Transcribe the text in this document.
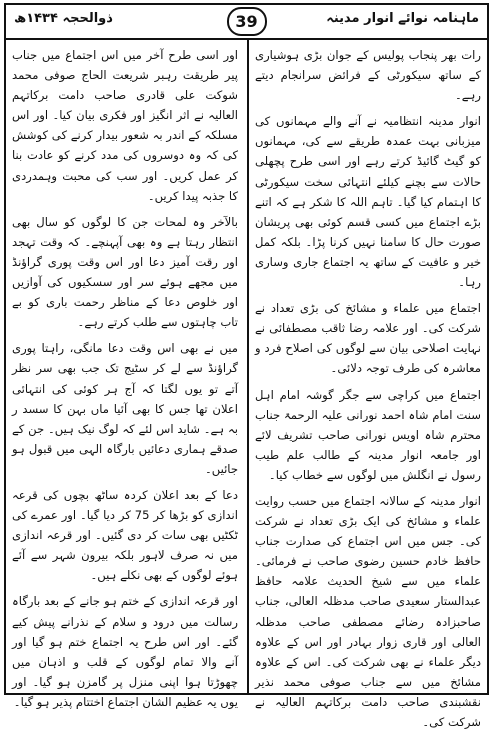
ماہنامہ نوائے انوار مدینہ
39
ذوالحجہ ۱۴۳۴ھ

رات بھر پنجاب پولیس کے جوان بڑی ہوشیاری کے ساتھ سیکورٹی کے فرائض سرانجام دیتے رہے۔

انوار مدینہ انتظامیہ نے آنے والے مہمانوں کی میزبانی بہت عمدہ طریقے سے کی، مہمانوں کو گیٹ گائیڈ کرتے رہے اور اسی طرح پچھلی حالات سے بچنے کیلئے انتہائی سخت سیکورٹی کا اہتمام کیا گیا۔ تاہم اللہ کا شکر ہے کہ اتنے بڑے اجتماع میں کسی قسم کوئی بھی پریشان صورت حال کا سامنا نہیں کرنا پڑا۔ بلکہ کمل خیر و عافیت کے ساتھ یہ اجتماع جاری وساری رہا۔

اجتماع میں علماء و مشائخ کی بڑی تعداد نے شرکت کی۔ اور علامہ رضا ثاقب مصطفائی نے نہایت اصلاحی بیان سے لوگوں کی اصلاح فرد و معاشرہ کی طرف توجہ دلائی۔

اجتماع میں کراچی سے جگر گوشہ امام اہل سنت امام شاہ احمد نورانی علیہ الرحمۃ جناب محترم شاہ اویس نورانی صاحب تشریف لائے اور جامعہ انوار مدینہ کے طالب علم طیب رسول نے انگلش میں لوگوں سے خطاب کیا۔

انوار مدینہ کے سالانہ اجتماع میں حسب روایت علماء و مشائخ کی ایک بڑی تعداد نے شرکت کی۔ جس میں اس اجتماع کی صدارت جناب حافظ خادم حسین رضوی صاحب نے فرمائی۔ علماء میں سے شیخ الحدیث علامہ حافظ عبدالستار سعیدی صاحب مدظلہ العالی، جناب صاحبزادہ رضائے مصطفی صاحب مدظلہ العالی اور قاری زوار بہادر اور اس کے علاوہ دیگر علماء نے بھی شرکت کی۔ اس کے علاوہ مشائخ میں سے جناب صوفی محمد نذیر نقشبندی صاحب دامت برکاتہم العالیہ نے شرکت کی۔

اور اسی طرح آخر میں اس اجتماع میں جناب پیر طریقت رہبر شریعت الحاج صوفی محمد شوکت علی قادری صاحب دامت برکاتہم العالیہ نے اثر انگیز اور فکری بیان کیا۔ اور اس مسلکہ کے اندر بہ شعور بیدار کرنے کی کوشش کی کہ وہ دوسروں کی مدد کرنے کو عادت بنا کر عمل کریں۔ اور سب کی محبت وہمدردی کا جذبہ پیدا کریں۔

بالآخر وہ لمحات جن کا لوگوں کو سال بھی انتظار رہتا ہے وہ بھی آپہنچے۔ کہ وقت تہجد اور رقت آمیز دعا اور اس وقت پوری گراؤنڈ میں مجھے ہوئے سر اور سسکیوں کی آوازیں اور خلوص دعا کے مناظر رحمت باری کو بے تاب چاہتوں سے طلب کرتے رہے۔

میں نے بھی اس وقت دعا مانگی، راہتا پوری گراؤنڈ سے لے کر سٹیج تک جب بھی سر نظر آتے تو یوں لگتا کہ آج ہر کوئی کی انتہائی اعلان تھا جس کا بھی آئیا ماں بہن کا سسد ر بہ ہے۔ شاید اس لئے کہ لوگ نیک ہیں۔ جن کے صدقے ہماری دعائیں بارگاہ الہی میں قبول ہو جائیں۔

دعا کے بعد اعلان کردہ ساٹھ بچوں کی قرعہ اندازی کو بڑھا کر 75 کر دیا گیا۔ اور عمرے کی ٹکٹیں بھی سات کر دی گئیں۔ اور قرعہ اندازی میں نہ صرف لاہور بلکہ بیرون شہر سے آئے ہوئے لوگوں کے بھی نکلے ہیں۔

اور قرعہ اندازی کے ختم ہو جانے کے بعد بارگاہ رسالت میں درود و سلام کے نذرانے پیش کیے گئے۔ اور اس طرح یہ اجتماع ختم ہو گیا اور آنے والا تمام لوگوں کے قلب و اذہان میں چھوڑتا ہوا اپنی منزل پر گامزن ہو گیا۔ اور یوں یہ عظیم الشان اجتماع اختتام پذیر ہو گیا۔
